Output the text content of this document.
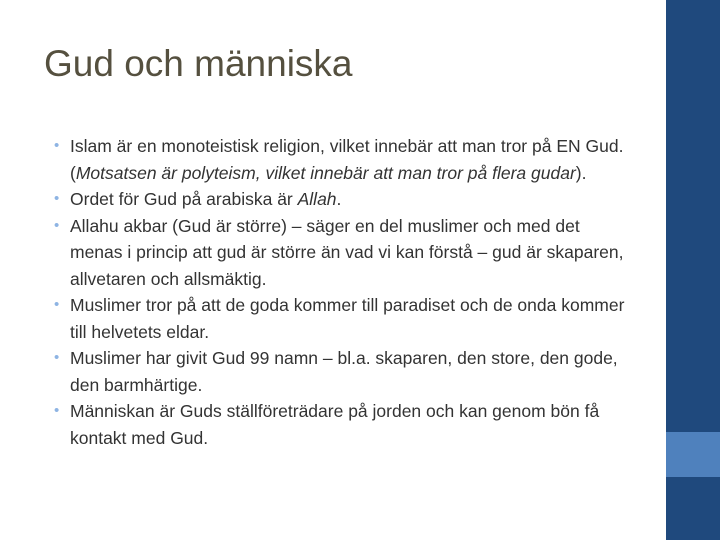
Gud och människa
• Islam är en monoteistisk religion, vilket innebär att man tror på EN Gud. (Motsatsen är polyteism, vilket innebär att man tror på flera gudar).
• Ordet för Gud på arabiska är Allah.
• Allahu akbar (Gud är större) – säger en del muslimer och med det menas i princip att gud är större än vad vi kan förstå – gud är skaparen, allvetaren och allsmäktig.
• Muslimer tror på att de goda kommer till paradiset och de onda kommer till helvetets eldar.
• Muslimer har givit Gud 99 namn – bl.a. skaparen, den store, den gode, den barmhärtige.
• Människan är Guds ställföreträdare på jorden och kan genom bön få kontakt med Gud.
